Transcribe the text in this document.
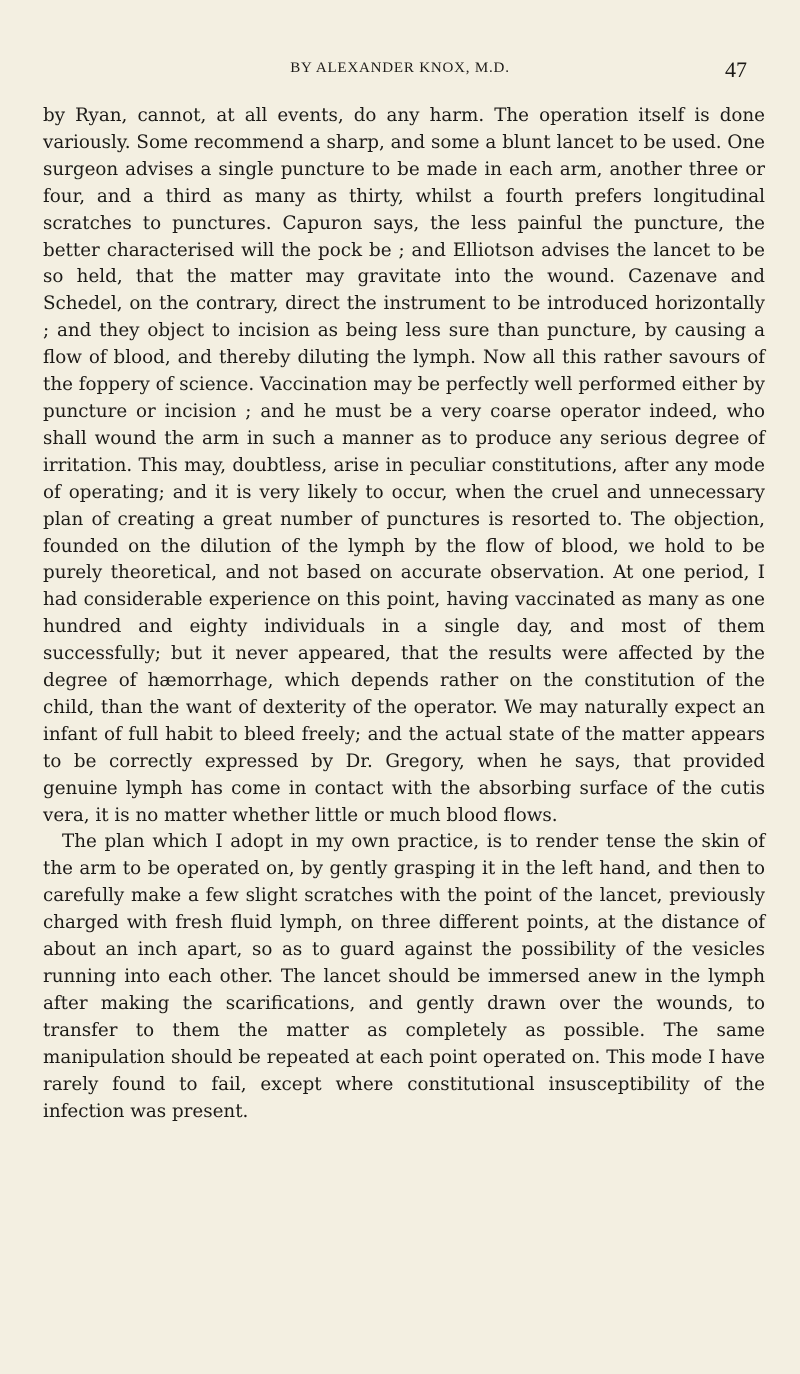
BY ALEXANDER KNOX, M.D.	47

by Ryan, cannot, at all events, do any harm. The operation itself is done variously. Some recommend a sharp, and some a blunt lancet to be used. One surgeon advises a single puncture to be made in each arm, another three or four, and a third as many as thirty, whilst a fourth prefers longitudinal scratches to punctures. Capuron says, the less painful the puncture, the better characterised will the pock be ; and Elliotson advises the lancet to be so held, that the matter may gravitate into the wound. Cazenave and Schedel, on the contrary, direct the instrument to be introduced horizontally ; and they object to incision as being less sure than puncture, by causing a flow of blood, and thereby diluting the lymph. Now all this rather savours of the foppery of science. Vaccination may be perfectly well performed either by puncture or incision ; and he must be a very coarse operator indeed, who shall wound the arm in such a manner as to produce any serious degree of irritation. This may, doubtless, arise in peculiar constitutions, after any mode of operating; and it is very likely to occur, when the cruel and unnecessary plan of creating a great number of punctures is resorted to. The objection, founded on the dilution of the lymph by the flow of blood, we hold to be purely theoretical, and not based on accurate observation. At one period, I had considerable experience on this point, having vaccinated as many as one hundred and eighty individuals in a single day, and most of them successfully; but it never appeared, that the results were affected by the degree of hæmorrhage, which depends rather on the constitution of the child, than the want of dexterity of the operator. We may naturally expect an infant of full habit to bleed freely; and the actual state of the matter appears to be correctly expressed by Dr. Gregory, when he says, that provided genuine lymph has come in contact with the absorbing surface of the cutis vera, it is no matter whether little or much blood flows.

The plan which I adopt in my own practice, is to render tense the skin of the arm to be operated on, by gently grasping it in the left hand, and then to carefully make a few slight scratches with the point of the lancet, previously charged with fresh fluid lymph, on three different points, at the distance of about an inch apart, so as to guard against the possibility of the vesicles running into each other. The lancet should be immersed anew in the lymph after making the scarifications, and gently drawn over the wounds, to transfer to them the matter as completely as possible. The same manipulation should be repeated at each point operated on. This mode I have rarely found to fail, except where constitutional insusceptibility of the infection was present.
